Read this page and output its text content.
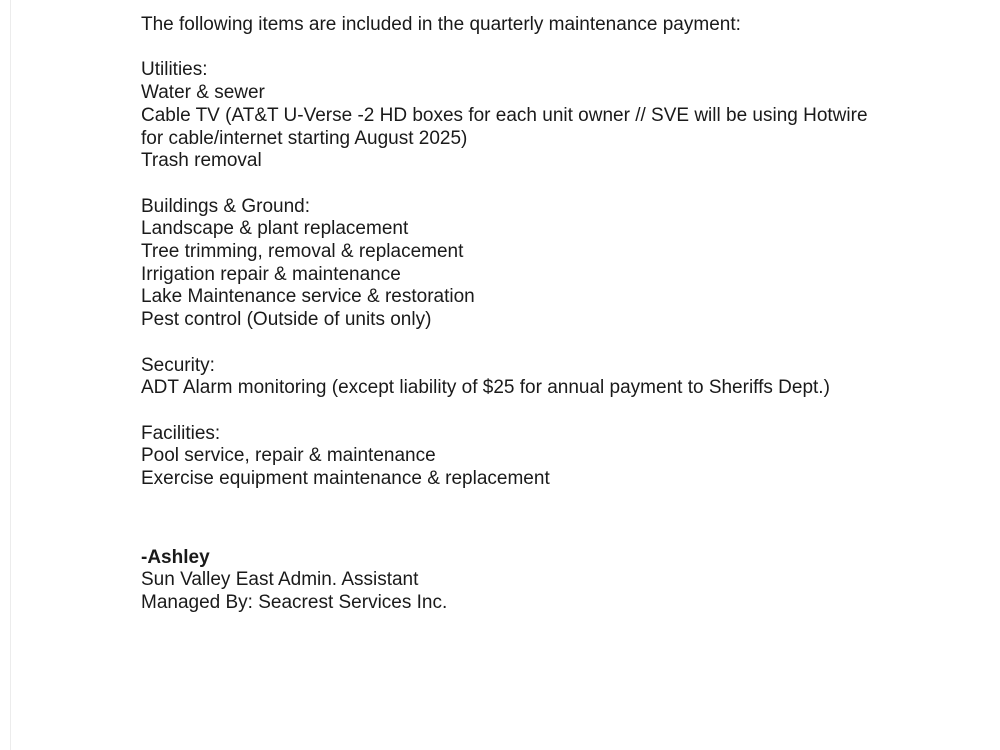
The following items are included in the quarterly maintenance payment:
Utilities:
Water & sewer
Cable TV (AT&T U-Verse -2 HD boxes for each unit owner // SVE will be using Hotwire
for cable/internet starting August 2025)
Trash removal
Buildings & Ground:
Landscape & plant replacement
Tree trimming, removal & replacement
Irrigation repair & maintenance
Lake Maintenance service & restoration
Pest control (Outside of units only)
Security:
ADT Alarm monitoring (except liability of $25 for annual payment to Sheriffs Dept.)
Facilities:
Pool service, repair & maintenance
Exercise equipment maintenance & replacement
-Ashley
Sun Valley East Admin. Assistant
Managed By: Seacrest Services Inc.
